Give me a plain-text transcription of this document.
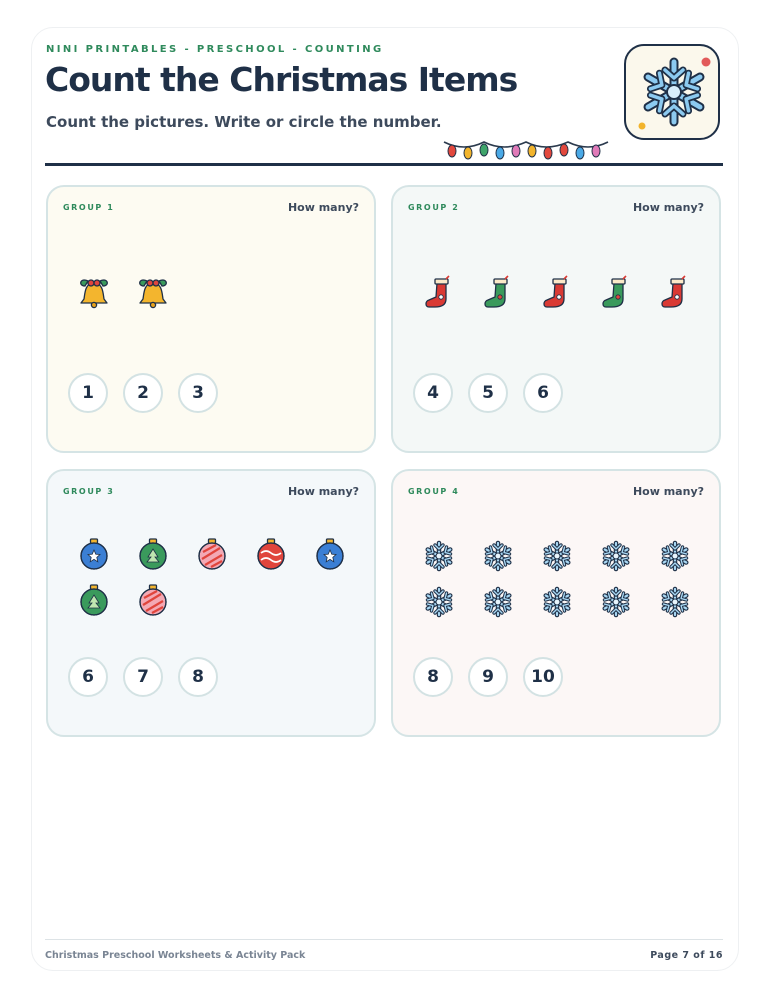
NINI PRINTABLES - PRESCHOOL - COUNTING
Count the Christmas Items
Count the pictures. Write or circle the number.
GROUP 1	How many?
1	2	3
GROUP 2	How many?
4	5	6
GROUP 3	How many?
6	7	8
GROUP 4	How many?
8	9	10
Christmas Preschool Worksheets & Activity Pack	Page 7 of 16
